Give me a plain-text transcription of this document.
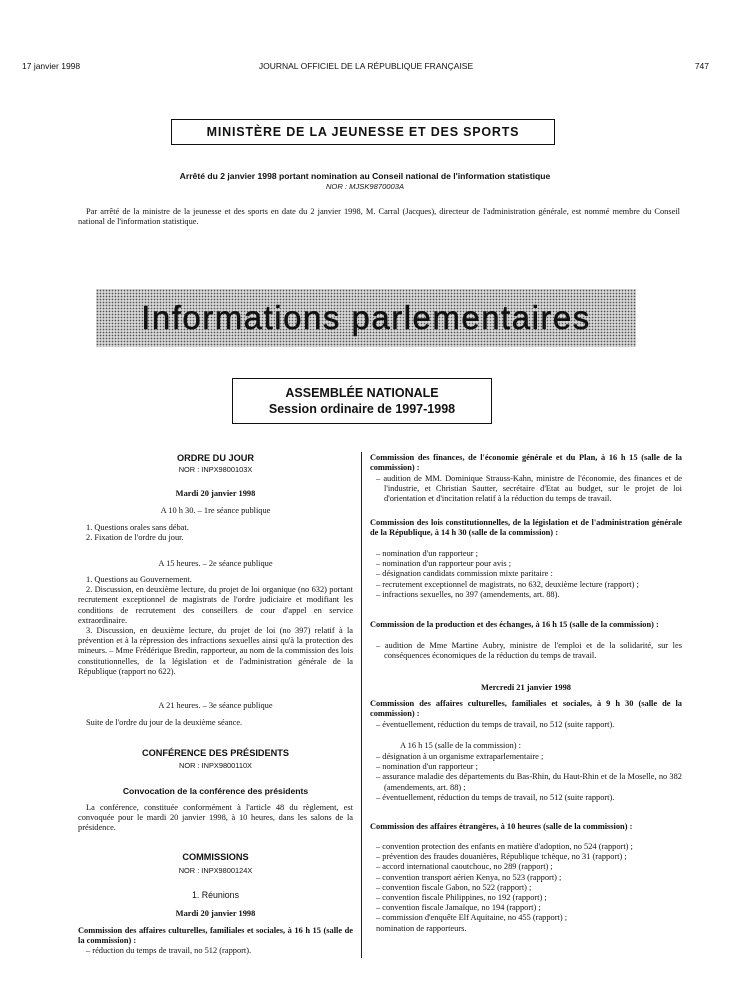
17 janvier 1998	JOURNAL OFFICIEL DE LA RÉPUBLIQUE FRANÇAISE	747
MINISTÈRE DE LA JEUNESSE ET DES SPORTS
Arrêté du 2 janvier 1998 portant nomination au Conseil national de l'information statistique
NOR : MJSK9870003A
Par arrêté de la ministre de la jeunesse et des sports en date du 2 janvier 1998, M. Carral (Jacques), directeur de l'administration générale, est nommé membre du Conseil national de l'information statistique.
Informations parlementaires
ASSEMBLÉE NATIONALE
Session ordinaire de 1997-1998
ORDRE DU JOUR
NOR : INPX9800103X
Mardi 20 janvier 1998
A 10 h 30. – 1re séance publique
1. Questions orales sans débat.
2. Fixation de l'ordre du jour.
A 15 heures. – 2e séance publique
1. Questions au Gouvernement.
2. Discussion, en deuxième lecture, du projet de loi organique (no 632) portant recrutement exceptionnel de magistrats de l'ordre judiciaire et modifiant les conditions de recrutement des conseillers de cour d'appel en service extraordinaire.
3. Discussion, en deuxième lecture, du projet de loi (no 397) relatif à la prévention et à la répression des infractions sexuelles ainsi qu'à la protection des mineurs. – Mme Frédérique Bredin, rapporteur, au nom de la commission des lois constitutionnelles, de la législation et de l'administration générale de la République (rapport no 622).
A 21 heures. – 3e séance publique
Suite de l'ordre du jour de la deuxième séance.
CONFÉRENCE DES PRÉSIDENTS
NOR : INPX9800110X
Convocation de la conférence des présidents
La conférence, constituée conformément à l'article 48 du règlement, est convoquée pour le mardi 20 janvier 1998, à 10 heures, dans les salons de la présidence.
COMMISSIONS
NOR : INPX9800124X
1. Réunions
Mardi 20 janvier 1998
Commission des affaires culturelles, familiales et sociales, à 16 h 15 (salle de la commission) :
– réduction du temps de travail, no 512 (rapport).
Commission des finances, de l'économie générale et du Plan, à 16 h 15 (salle de la commission) :
– audition de MM. Dominique Strauss-Kahn, ministre de l'économie, des finances et de l'industrie, et Christian Sautter, secrétaire d'Etat au budget, sur le projet de loi d'orientation et d'incitation relatif à la réduction du temps de travail.
Commission des lois constitutionnelles, de la législation et de l'administration générale de la République, à 14 h 30 (salle de la commission) :
– nomination d'un rapporteur ;
– nomination d'un rapporteur pour avis ;
– désignation candidats commission mixte paritaire :
– recrutement exceptionnel de magistrats, no 632, deuxième lecture (rapport) ;
– infractions sexuelles, no 397 (amendements, art. 88).
Commission de la production et des échanges, à 16 h 15 (salle de la commission) :
– audition de Mme Martine Aubry, ministre de l'emploi et de la solidarité, sur les conséquences économiques de la réduction du temps de travail.
Mercredi 21 janvier 1998
Commission des affaires culturelles, familiales et sociales, à 9 h 30 (salle de la commission) :
– éventuellement, réduction du temps de travail, no 512 (suite rapport).
A 16 h 15 (salle de la commission) :
– désignation à un organisme extraparlementaire ;
– nomination d'un rapporteur ;
– assurance maladie des départements du Bas-Rhin, du Haut-Rhin et de la Moselle, no 382 (amendements, art. 88) ;
– éventuellement, réduction du temps de travail, no 512 (suite rapport).
Commission des affaires étrangères, à 10 heures (salle de la commission) :
– convention protection des enfants en matière d'adoption, no 524 (rapport) ;
– prévention des fraudes douanières, République tchèque, no 31 (rapport) ;
– accord international caoutchouc, no 289 (rapport) ;
– convention transport aérien Kenya, no 523 (rapport) ;
– convention fiscale Gabon, no 522 (rapport) ;
– convention fiscale Philippines, no 192 (rapport) ;
– convention fiscale Jamaïque, no 194 (rapport) ;
– commission d'enquête Elf Aquitaine, no 455 (rapport) ;
nomination de rapporteurs.
